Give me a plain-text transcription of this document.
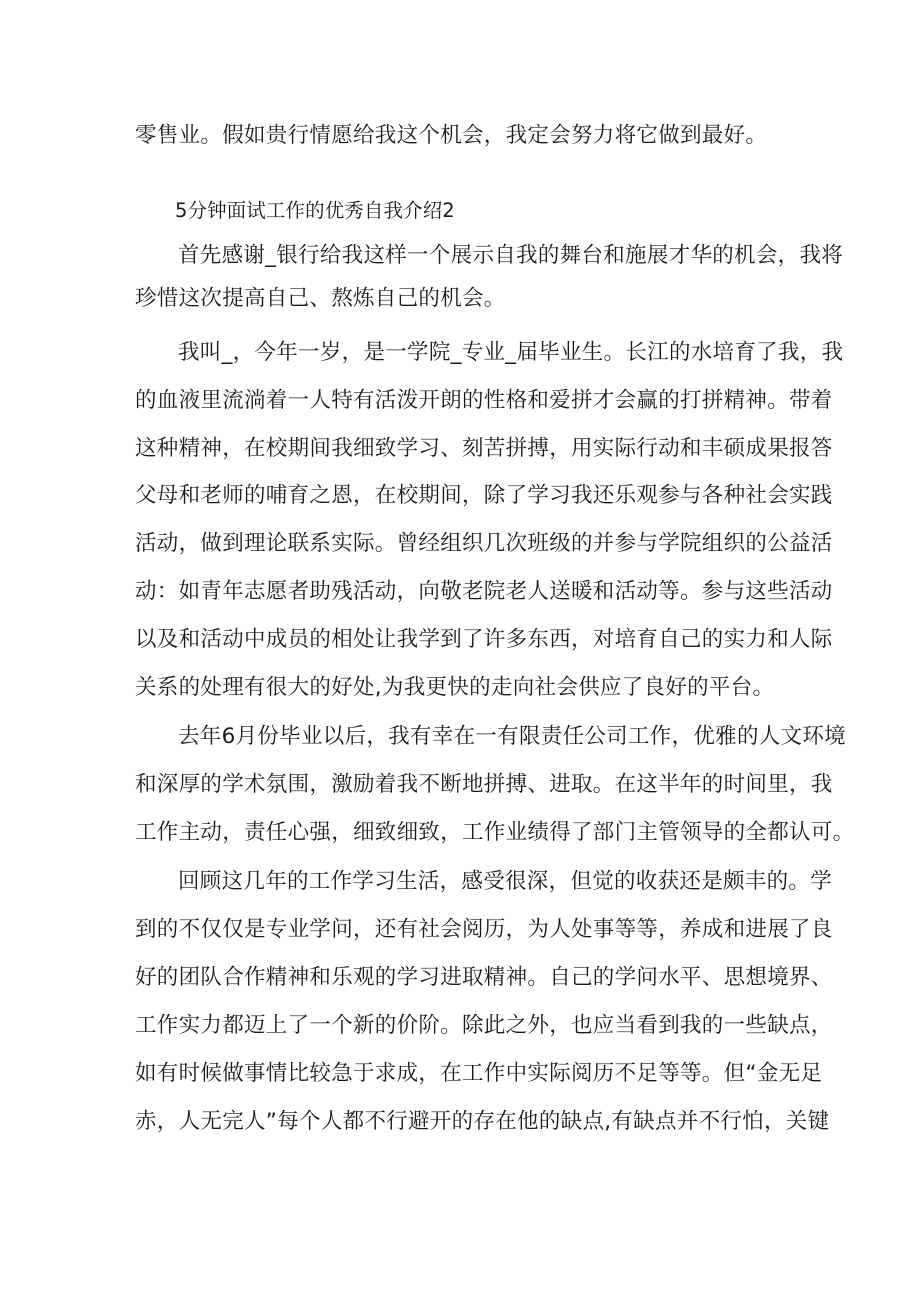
零售业。假如贵行情愿给我这个机会，我定会努力将它做到最好。
5分钟面试工作的优秀自我介绍2
首先感谢_银行给我这样一个展示自我的舞台和施展才华的机会，我将
珍惜这次提高自己、熬炼自己的机会。
我叫_，今年一岁，是一学院_专业_届毕业生。长江的水培育了我，我
的血液里流淌着一人特有活泼开朗的性格和爱拼才会赢的打拼精神。带着
这种精神，在校期间我细致学习、刻苦拼搏，用实际行动和丰硕成果报答
父母和老师的哺育之恩，在校期间，除了学习我还乐观参与各种社会实践
活动，做到理论联系实际。曾经组织几次班级的并参与学院组织的公益活
动：如青年志愿者助残活动，向敬老院老人送暖和活动等。参与这些活动
以及和活动中成员的相处让我学到了许多东西，对培育自己的实力和人际
关系的处理有很大的好处,为我更快的走向社会供应了良好的平台。
去年6月份毕业以后，我有幸在一有限责任公司工作，优雅的人文环境
和深厚的学术氛围，激励着我不断地拼搏、进取。在这半年的时间里，我
工作主动，责任心强，细致细致，工作业绩得了部门主管领导的全都认可。
回顾这几年的工作学习生活，感受很深，但觉的收获还是颇丰的。学
到的不仅仅是专业学问，还有社会阅历，为人处事等等，养成和进展了良
好的团队合作精神和乐观的学习进取精神。自己的学问水平、思想境界、
工作实力都迈上了一个新的价阶。除此之外，也应当看到我的一些缺点，
如有时候做事情比较急于求成，在工作中实际阅历不足等等。但“金无足
赤，人无完人”每个人都不行避开的存在他的缺点,有缺点并不行怕，关键
